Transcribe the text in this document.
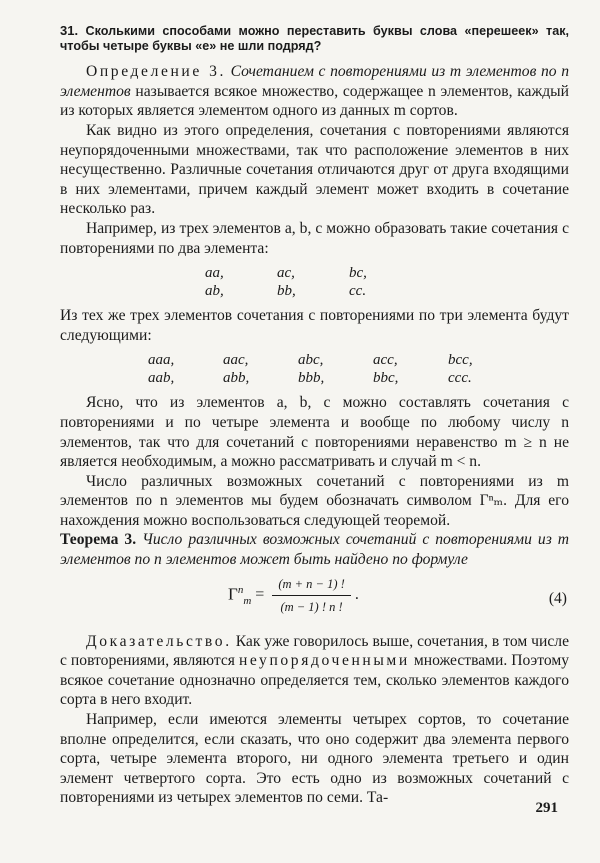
31. Сколькими способами можно переставить буквы слова «перешеек» так, чтобы четыре буквы «е» не шли подряд?

Определение 3. Сочетанием с повторениями из m элементов по n элементов называется всякое множество, содержащее n элементов, каждый из которых является элементом одного из данных m сортов.

Как видно из этого определения, сочетания с повторениями являются неупорядоченными множествами, так что расположение элементов в них несущественно. Различные сочетания отличаются друг от друга входящими в них элементами, причем каждый элемент может входить в сочетание несколько раз.

Например, из трех элементов a, b, c можно образовать такие сочетания с повторениями по два элемента:

aa,	ac,	bc,
ab,	bb,	cc.

Из тех же трех элементов сочетания с повторениями по три элемента будут следующими:

aaa,	aac,	abc,	acc,	bcc,
aab,	abb,	bbb,	bbc,	ccc.

Ясно, что из элементов a, b, c можно составлять сочетания с повторениями и по четыре элемента и вообще по любому числу n элементов, так что для сочетаний с повторениями неравенство m ≥ n не является необходимым, а можно рассматривать и случай m < n.

Число различных возможных сочетаний с повторениями из m элементов по n элементов мы будем обозначать символом Γⁿₘ. Для его нахождения можно воспользоваться следующей теоремой.

Теорема 3. Число различных возможных сочетаний с повторениями из m элементов по n элементов может быть найдено по формуле

$\Gamma^n_m = \frac{(m + n - 1) !}{(m - 1) ! n !}$ .	(4)

Доказательство. Как уже говорилось выше, сочетания, в том числе с повторениями, являются неупорядоченными множествами. Поэтому всякое сочетание однозначно определяется тем, сколько элементов каждого сорта в него входит.

Например, если имеются элементы четырех сортов, то сочетание вполне определится, если сказать, что оно содержит два элемента первого сорта, четыре элемента второго, ни одного элемента третьего и один элемент четвертого сорта. Это есть одно из возможных сочетаний с повторениями из четырех элементов по семи. Та-

291
